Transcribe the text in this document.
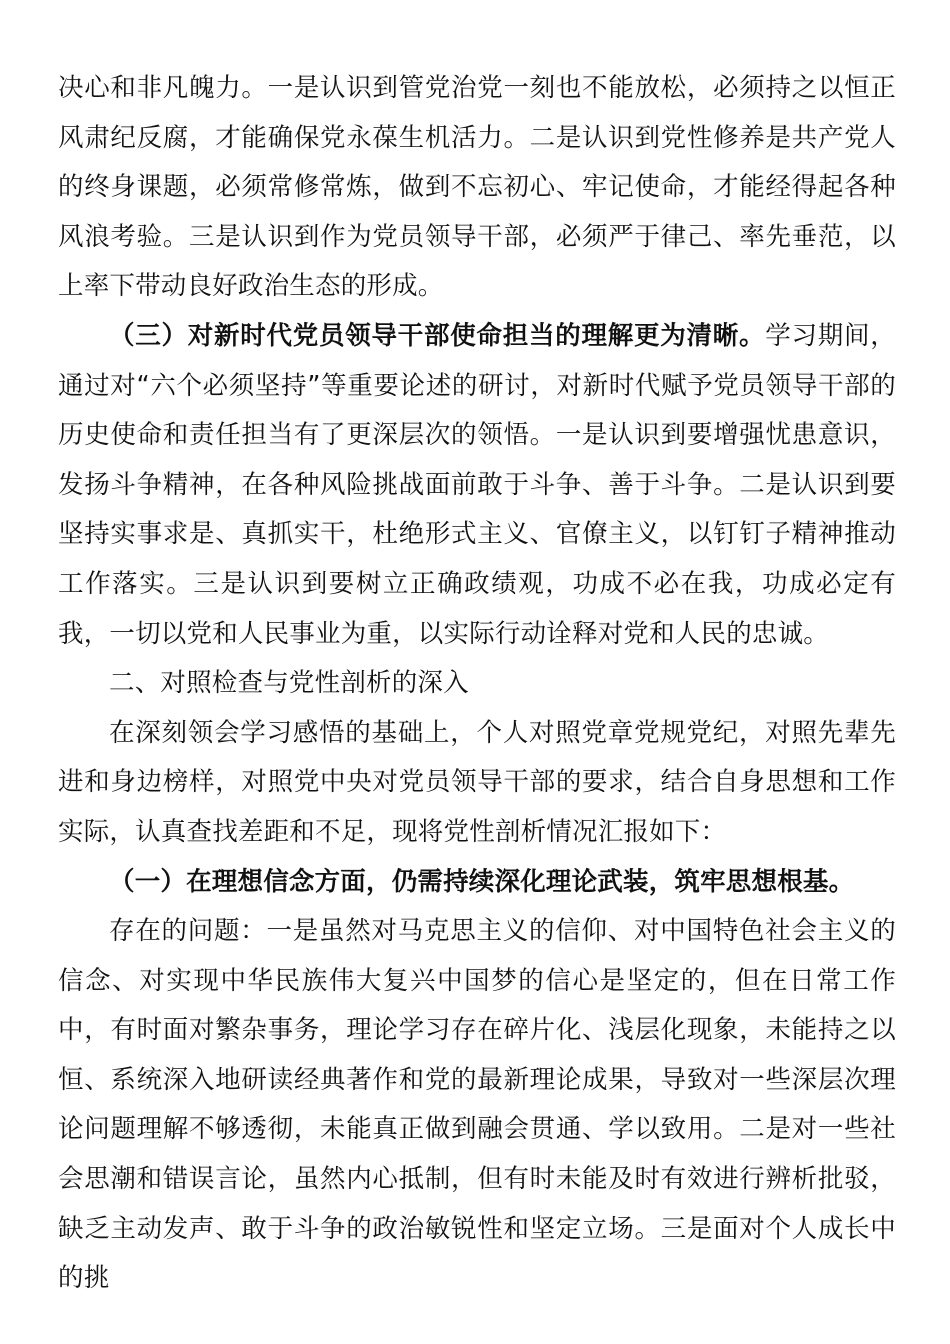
决心和非凡魄力。一是认识到管党治党一刻也不能放松，必须持之以恒正风肃纪反腐，才能确保党永葆生机活力。二是认识到党性修养是共产党人的终身课题，必须常修常炼，做到不忘初心、牢记使命，才能经得起各种风浪考验。三是认识到作为党员领导干部，必须严于律己、率先垂范，以上率下带动良好政治生态的形成。

（三）对新时代党员领导干部使命担当的理解更为清晰。学习期间，通过对“六个必须坚持”等重要论述的研讨，对新时代赋予党员领导干部的历史使命和责任担当有了更深层次的领悟。一是认识到要增强忧患意识，发扬斗争精神，在各种风险挑战面前敢于斗争、善于斗争。二是认识到要坚持实事求是、真抓实干，杜绝形式主义、官僚主义，以钉钉子精神推动工作落实。三是认识到要树立正确政绩观，功成不必在我，功成必定有我，一切以党和人民事业为重，以实际行动诠释对党和人民的忠诚。

二、对照检查与党性剖析的深入

在深刻领会学习感悟的基础上，个人对照党章党规党纪，对照先辈先进和身边榜样，对照党中央对党员领导干部的要求，结合自身思想和工作实际，认真查找差距和不足，现将党性剖析情况汇报如下：

（一）在理想信念方面，仍需持续深化理论武装，筑牢思想根基。

存在的问题：一是虽然对马克思主义的信仰、对中国特色社会主义的信念、对实现中华民族伟大复兴中国梦的信心是坚定的，但在日常工作中，有时面对繁杂事务，理论学习存在碎片化、浅层化现象，未能持之以恒、系统深入地研读经典著作和党的最新理论成果，导致对一些深层次理论问题理解不够透彻，未能真正做到融会贯通、学以致用。二是对一些社会思潮和错误言论，虽然内心抵制，但有时未能及时有效进行辨析批驳，缺乏主动发声、敢于斗争的政治敏锐性和坚定立场。三是面对个人成长中的挑
